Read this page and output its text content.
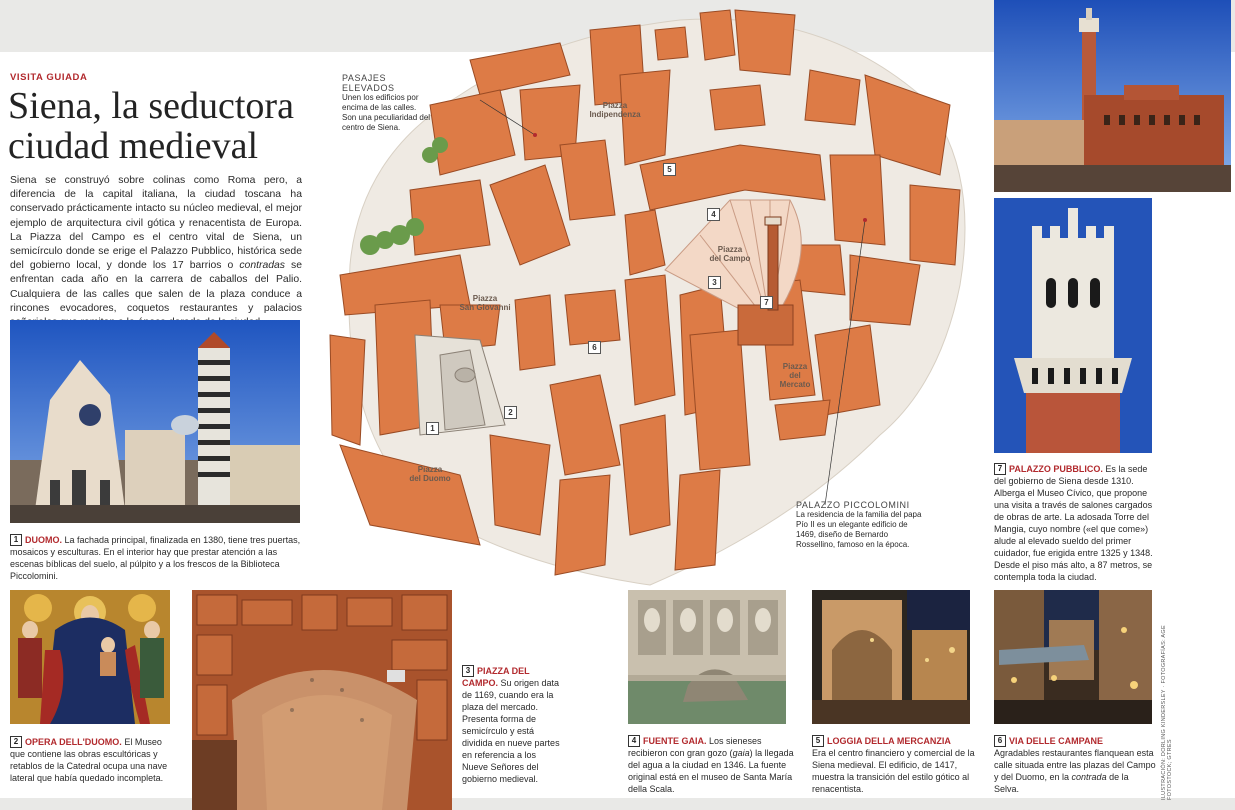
VISITA GUIADA
Siena, la seductora
ciudad medieval
Siena se construyó sobre colinas como Roma pero, a diferencia de la capital italiana, la ciudad toscana ha conservado prácticamente intacto su núcleo medieval, el mejor ejemplo de arquitectura civil gótica y renacentista de Europa. La Piazza del Campo es el centro vital de Siena, un semicírculo donde se erige el Palazzo Pubblico, histórica sede del gobierno local, y donde los 17 barrios o contradas se enfrentan cada año en la carrera de caballos del Palio. Cualquiera de las calles que salen de la plaza conduce a rincones evocadores, coquetos restaurantes y palacios
1 DUOMO. La fachada principal, finalizada en 1380, tiene tres puertas, mosaicos y esculturas. En el interior hay que prestar atención a las escenas bíblicas del suelo, al púlpito y a los frescos de la Biblioteca Piccolomini.
2 OPERA DELL'DUOMO. El Museo que contiene las obras escultóricas y retablos de la Catedral ocupa una nave lateral que había quedado incompleta.
3 PIAZZA DEL
CAMPO. Su origen data de 1169, cuando era la plaza del mercado. Presenta forma de semicírculo y está dividida en nueve partes en referencia a los Nueve Señores del gobierno medieval.
Piazza
Indipendenza
Piazza
del Campo
Piazza
San Giovanni
Piazza
del
Mercato
Piazza
del Duomo
1
2
3
4
5
6
7
PASAJES
ELEVADOS
Unen los edificios por encima de las calles. Son una peculiaridad del centro de Siena.
PALAZZO PICCOLOMINI
La residencia de la familia del papa Pío II es un elegante edificio de 1469, diseño de Bernardo Rossellino, famoso en la época.
7 PALAZZO PUBBLICO. Es la sede del gobierno de Siena desde 1310. Alberga el Museo Cívico, que propone una visita a través de salones cargados de obras de arte. La adosada Torre del Mangia, cuyo nombre («el que come») alude al elevado sueldo del primer cuidador, fue erigida entre 1325 y 1348. Desde el piso más alto, a 87 metros, se contempla toda la ciudad.
4 FUENTE GAIA. Los sieneses recibieron con gran gozo (gaia) la llegada del agua a la ciudad en 1346. La fuente original está en el museo de Santa María della Scala.
5 LOGGIA DELLA MERCANZIA
Era el centro financiero y comercial de la Siena medieval. El edificio, de 1417, muestra la transición del estilo gótico al renacentista.
6 VIA DELLE CAMPANE
Agradables restaurantes flanquean esta calle situada entre las plazas del Campo y del Duomo, en la contrada de la Selva.	ILUSTRACIÓN: DORLING KINDERSLEY · FOTOGRAFÍAS: AGE FOTOSTOCK; GTRES
